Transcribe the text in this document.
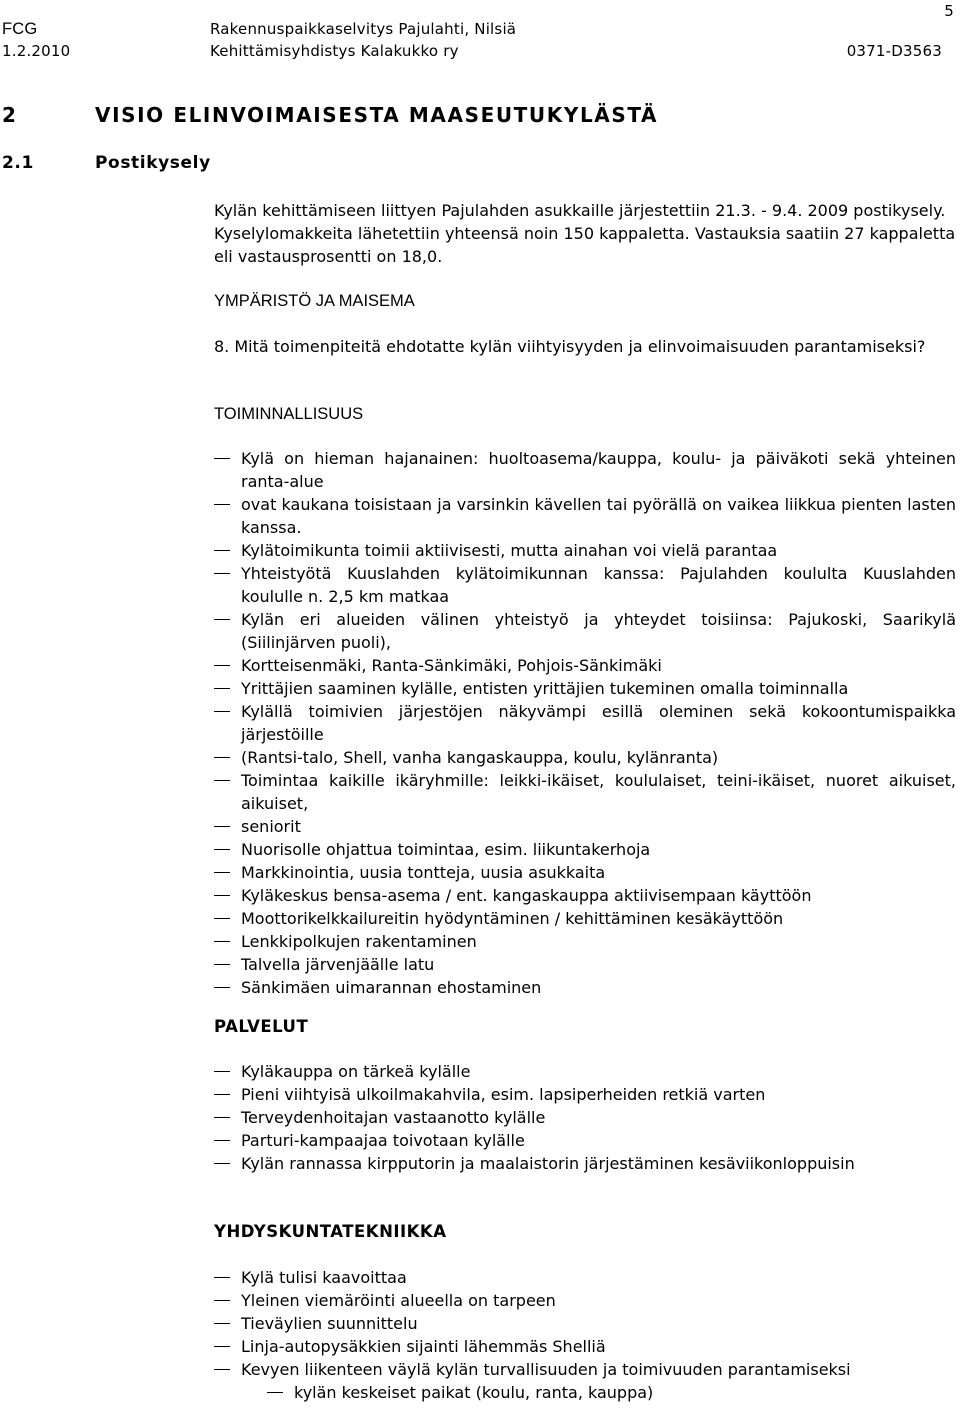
5
FCG
1.2.2010
Rakennuspaikkaselvitys Pajulahti, Nilsiä
Kehittämisyhdistys Kalakukko ry	0371-D3563
2	VISIO ELINVOIMAISESTA MAASEUTUKYLÄSTÄ
2.1	Postikysely
Kylän kehittämiseen liittyen Pajulahden asukkaille järjestettiin 21.3. - 9.4. 2009 postikysely. Kyselylomakkeita lähetettiin yhteensä noin 150 kappaletta. Vastauksia saatiin 27 kappaletta eli vastausprosentti on 18,0.
YMPÄRISTÖ JA MAISEMA
8. Mitä toimenpiteitä ehdotatte kylän viihtyisyyden ja elinvoimaisuuden parantamiseksi?
TOIMINNALLISUUS
Kylä on hieman hajanainen: huoltoasema/kauppa, koulu- ja päiväkoti sekä yhteinen ranta-alue
ovat kaukana toisistaan ja varsinkin kävellen tai pyörällä on vaikea liikkua pienten lasten kanssa.
Kylätoimikunta toimii aktiivisesti, mutta ainahan voi vielä parantaa
Yhteistyötä Kuuslahden kylätoimikunnan kanssa: Pajulahden koululta Kuuslahden koululle n. 2,5 km matkaa
Kylän eri alueiden välinen yhteistyö ja yhteydet toisiinsa: Pajukoski, Saarikylä (Siilinjärven puoli),
Kortteisenmäki, Ranta-Sänkimäki, Pohjois-Sänkimäki
Yrittäjien saaminen kylälle, entisten yrittäjien tukeminen omalla toiminnalla
Kylällä toimivien järjestöjen näkyvämpi esillä oleminen sekä kokoontumispaikka järjestöille
(Rantsi-talo, Shell, vanha kangaskauppa, koulu, kylänranta)
Toimintaa kaikille ikäryhmille: leikki-ikäiset, koululaiset, teini-ikäiset, nuoret aikuiset, aikuiset,
seniorit
Nuorisolle ohjattua toimintaa, esim. liikuntakerhoja
Markkinointia, uusia tontteja, uusia asukkaita
Kyläkeskus bensa-asema / ent. kangaskauppa aktiivisempaan käyttöön
Moottorikelkkailureitin hyödyntäminen / kehittäminen kesäkäyttöön
Lenkkipolkujen rakentaminen
Talvella järvenjäälle latu
Sänkimäen uimarannan ehostaminen
PALVELUT
Kyläkauppa on tärkeä kylälle
Pieni viihtyisä ulkoilmakahvila, esim. lapsiperheiden retkiä varten
Terveydenhoitajan vastaanotto kylälle
Parturi-kampaajaa toivotaan kylälle
Kylän rannassa kirpputorin ja maalaistorin järjestäminen kesäviikonloppuisin
YHDYSKUNTATEKNIIKKA
Kylä tulisi kaavoittaa
Yleinen viemäröinti alueella on tarpeen
Tieväylien suunnittelu
Linja-autopysäkkien sijainti lähemmäs Shelliä
Kevyen liikenteen väylä kylän turvallisuuden ja toimivuuden parantamiseksi
kylän keskeiset paikat (koulu, ranta, kauppa)
